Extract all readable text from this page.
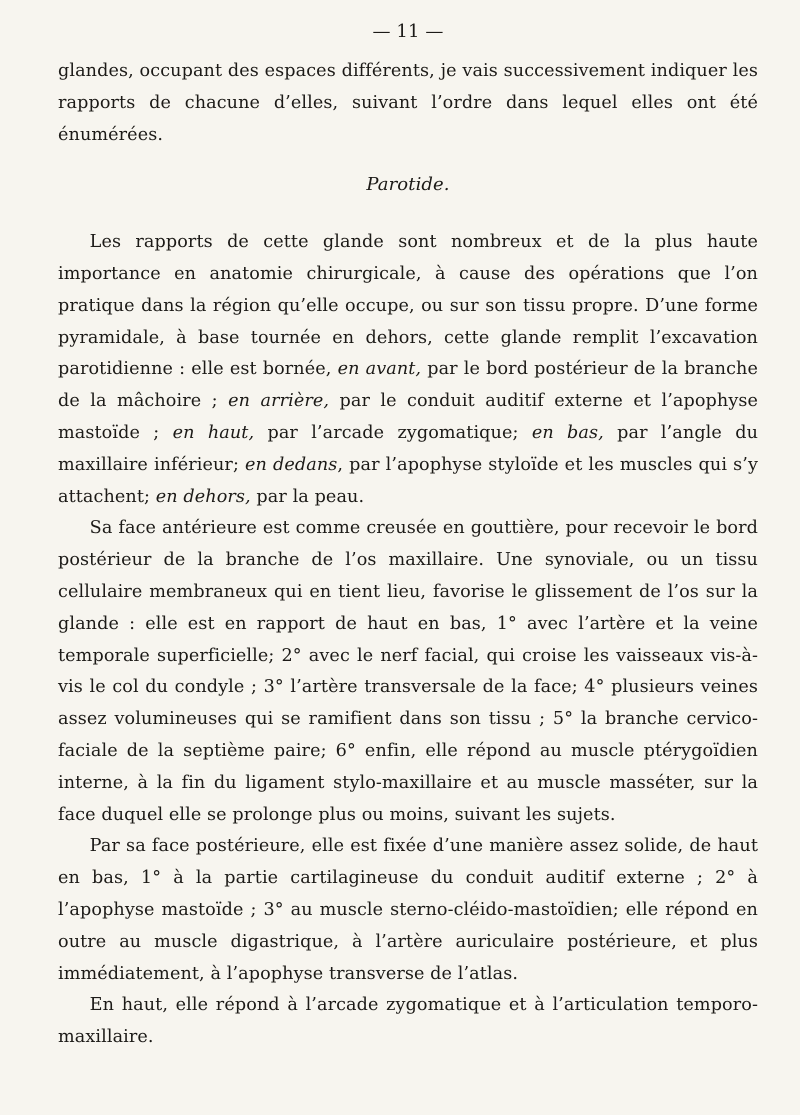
— 11 —

glandes, occupant des espaces différents, je vais successivement indiquer les rapports de chacune d’elles, suivant l’ordre dans lequel elles ont été énumérées.

Parotide.

Les rapports de cette glande sont nombreux et de la plus haute importance en anatomie chirurgicale, à cause des opérations que l’on pratique dans la région qu’elle occupe, ou sur son tissu propre. D’une forme pyramidale, à base tournée en dehors, cette glande remplit l’excavation parotidienne : elle est bornée, en avant, par le bord postérieur de la branche de la mâchoire ; en arrière, par le conduit auditif externe et l’apophyse mastoïde ; en haut, par l’arcade zygomatique; en bas, par l’angle du maxillaire inférieur; en dedans, par l’apophyse styloïde et les muscles qui s’y attachent; en dehors, par la peau.

Sa face antérieure est comme creusée en gouttière, pour recevoir le bord postérieur de la branche de l’os maxillaire. Une synoviale, ou un tissu cellulaire membraneux qui en tient lieu, favorise le glissement de l’os sur la glande : elle est en rapport de haut en bas, 1° avec l’artère et la veine temporale superficielle; 2° avec le nerf facial, qui croise les vaisseaux vis-à-vis le col du condyle ; 3° l’artère transversale de la face; 4° plusieurs veines assez volumineuses qui se ramifient dans son tissu ; 5° la branche cervico-faciale de la septième paire; 6° enfin, elle répond au muscle ptérygoïdien interne, à la fin du ligament stylo-maxillaire et au muscle masséter, sur la face duquel elle se prolonge plus ou moins, suivant les sujets.

Par sa face postérieure, elle est fixée d’une manière assez solide, de haut en bas, 1° à la partie cartilagineuse du conduit auditif externe ; 2° à l’apophyse mastoïde ; 3° au muscle sterno-cléido-mastoïdien; elle répond en outre au muscle digastrique, à l’artère auriculaire postérieure, et plus immédiatement, à l’apophyse transverse de l’atlas.

En haut, elle répond à l’arcade zygomatique et à l’articulation temporo-maxillaire.
